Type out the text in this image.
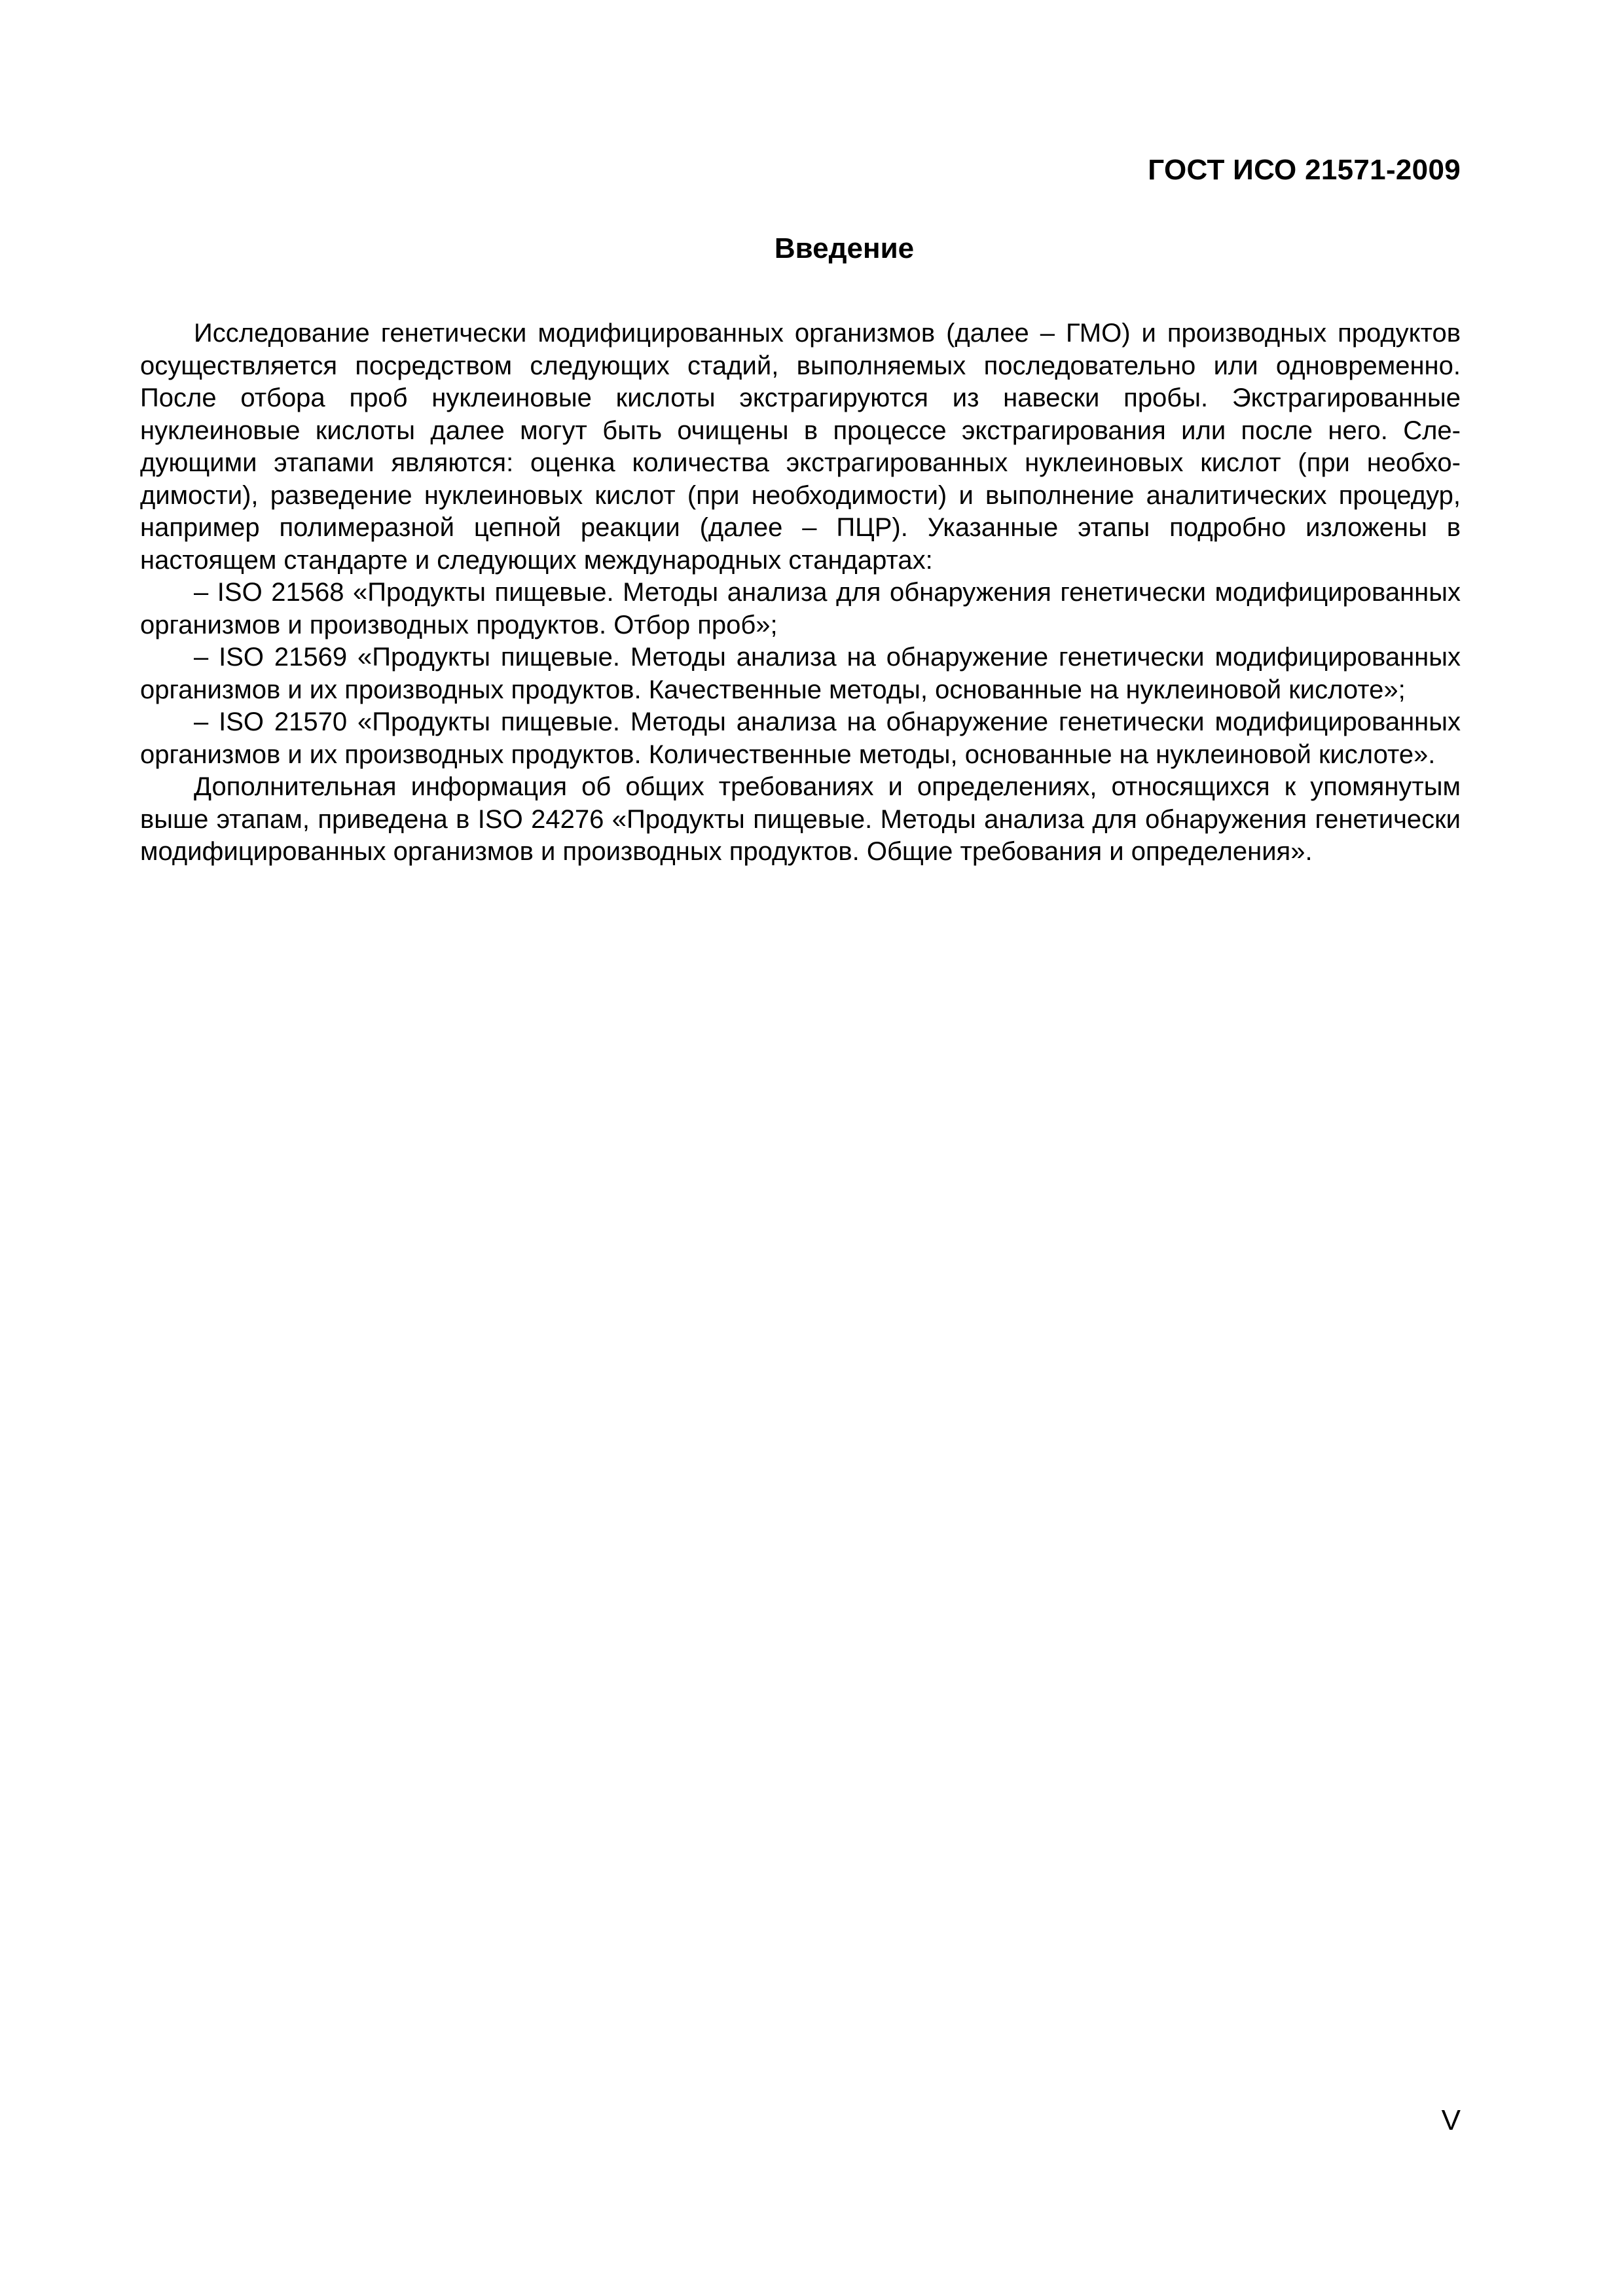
ГОСТ ИСО 21571-2009
Введение

Исследование генетически модифицированных организмов (далее – ГМО) и производных продуктов осуществляется посредством следующих стадий, выполняемых последовательно или одновременно. После отбора проб нуклеиновые кислоты экстрагируются из навески пробы. Экстрагированные нуклеиновые кислоты далее могут быть очищены в процессе экстрагирования или после него. Следующими этапами являются: оценка количества экстрагированных нуклеиновых кислот (при необходимости), разведение нуклеиновых кислот (при необходимости) и выполнение аналитических процедур, например полимеразной цепной реакции (далее – ПЦР). Указанные этапы подробно изложены в настоящем стандарте и следующих международных стандартах:

– ISO 21568 «Продукты пищевые. Методы анализа для обнаружения генетически модифицированных организмов и производных продуктов. Отбор проб»;

– ISO 21569 «Продукты пищевые. Методы анализа на обнаружение генетически модифицированных организмов и их производных продуктов. Качественные методы, основанные на нуклеиновой кислоте»;

– ISO 21570 «Продукты пищевые. Методы анализа на обнаружение генетически модифицированных организмов и их производных продуктов. Количественные методы, основанные на нуклеиновой кислоте».

Дополнительная информация об общих требованиях и определениях, относящихся к упомянутым выше этапам, приведена в ISO 24276 «Продукты пищевые. Методы анализа для обнаружения генетически модифицированных организмов и производных продуктов. Общие требования и определения».

V
